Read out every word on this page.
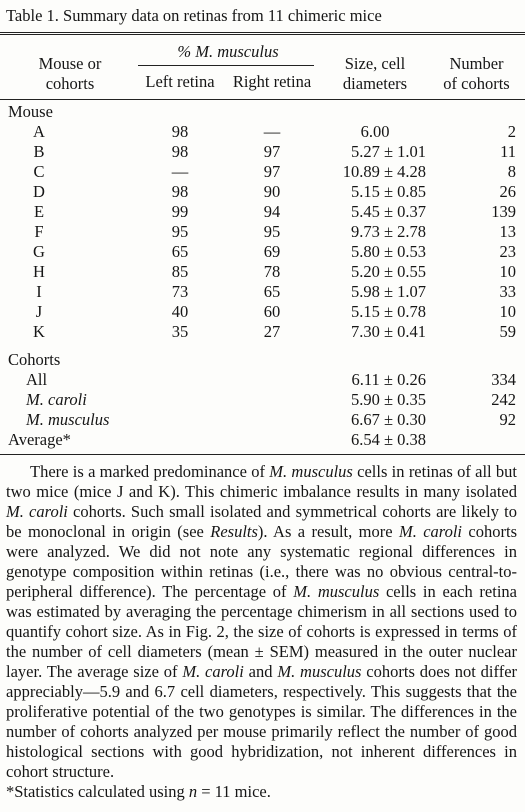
Table 1. Summary data on retinas from 11 chimeric mice
Mouse or
cohorts
% M. musculus
Left retina	Right retina
Size, cell
diameters
Number
of cohorts
Mouse
A	98	—	6.00	2
B	98	97	5.27 ± 1.01	11
C	—	97	10.89 ± 4.28	8
D	98	90	5.15 ± 0.85	26
E	99	94	5.45 ± 0.37	139
F	95	95	9.73 ± 2.78	13
G	65	69	5.80 ± 0.53	23
H	85	78	5.20 ± 0.55	10
I	73	65	5.98 ± 1.07	33
J	40	60	5.15 ± 0.78	10
K	35	27	7.30 ± 0.41	59
Cohorts
All	6.11 ± 0.26	334
M. caroli	5.90 ± 0.35	242
M. musculus	6.67 ± 0.30	92
Average*	6.54 ± 0.38

There is a marked predominance of M. musculus cells in retinas of all but two mice (mice J and K). This chimeric imbalance results in many isolated M. caroli cohorts. Such small isolated and symmetrical cohorts are likely to be monoclonal in origin (see Results). As a result, more M. caroli cohorts were analyzed. We did not note any systematic regional differences in genotype composition within retinas (i.e., there was no obvious central-to-peripheral difference). The percentage of M. musculus cells in each retina was estimated by averaging the percentage chimerism in all sections used to quantify cohort size. As in Fig. 2, the size of cohorts is expressed in terms of the number of cell diameters (mean ± SEM) measured in the outer nuclear layer. The average size of M. caroli and M. musculus cohorts does not differ appreciably—5.9 and 6.7 cell diameters, respectively. This suggests that the proliferative potential of the two genotypes is similar. The differences in the number of cohorts analyzed per mouse primarily reflect the number of good histological sections with good hybridization, not inherent differences in cohort structure.

*Statistics calculated using n = 11 mice.
